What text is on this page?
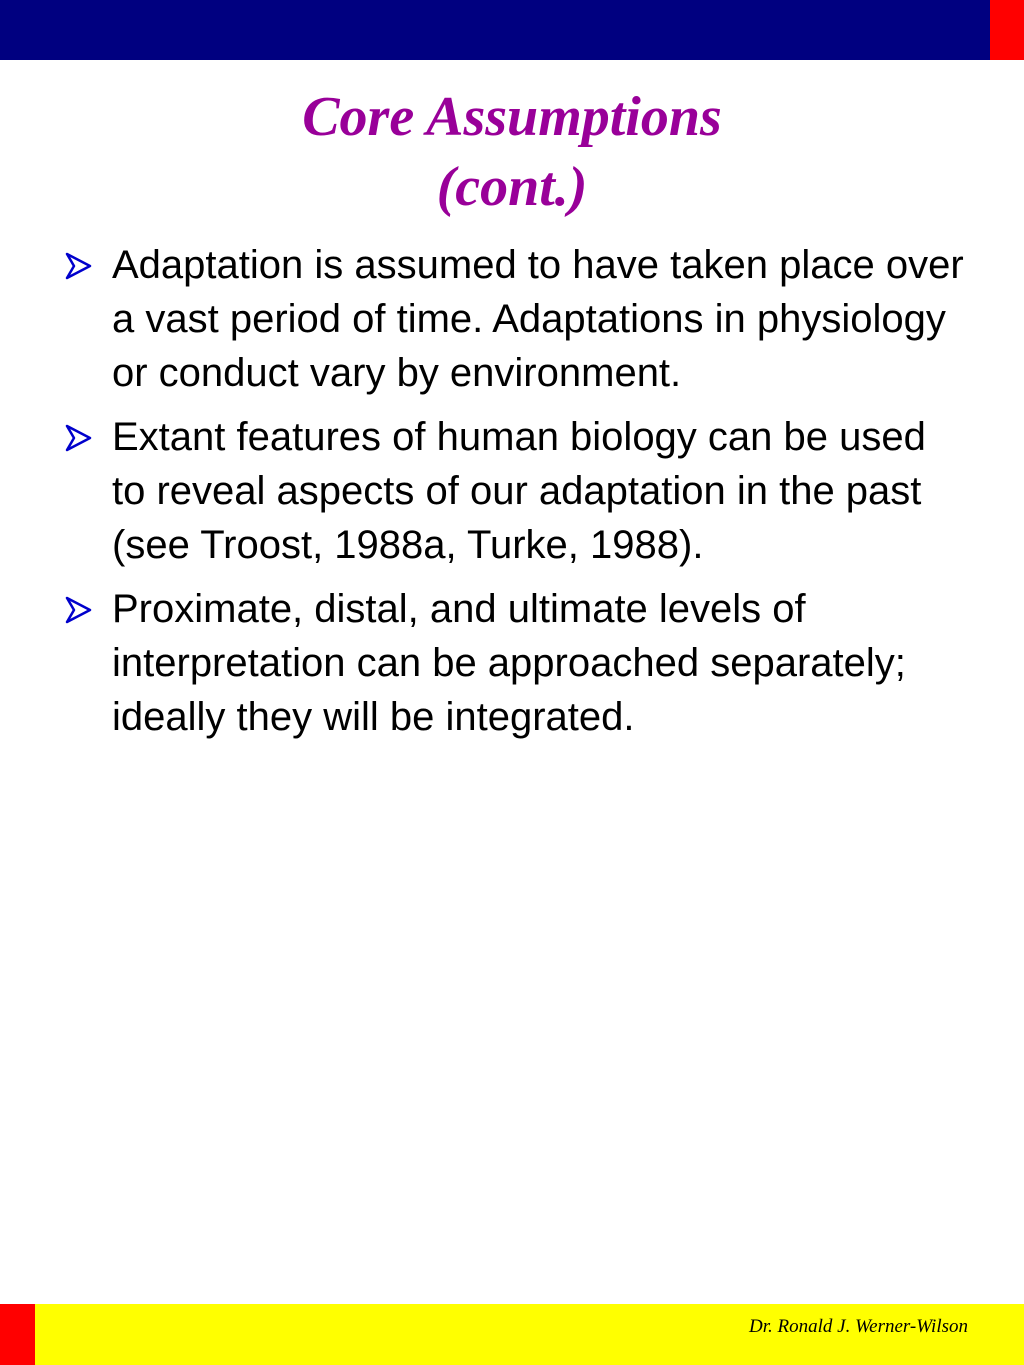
Core Assumptions
(cont.)
Adaptation is assumed to have taken place over a vast period of time. Adaptations in physiology or conduct vary by environment.
Extant features of human biology can be used to reveal aspects of our adaptation in the past (see Troost, 1988a, Turke, 1988).
Proximate, distal, and ultimate levels of interpretation can be approached separately; ideally they will be integrated.
Dr. Ronald J. Werner-Wilson
